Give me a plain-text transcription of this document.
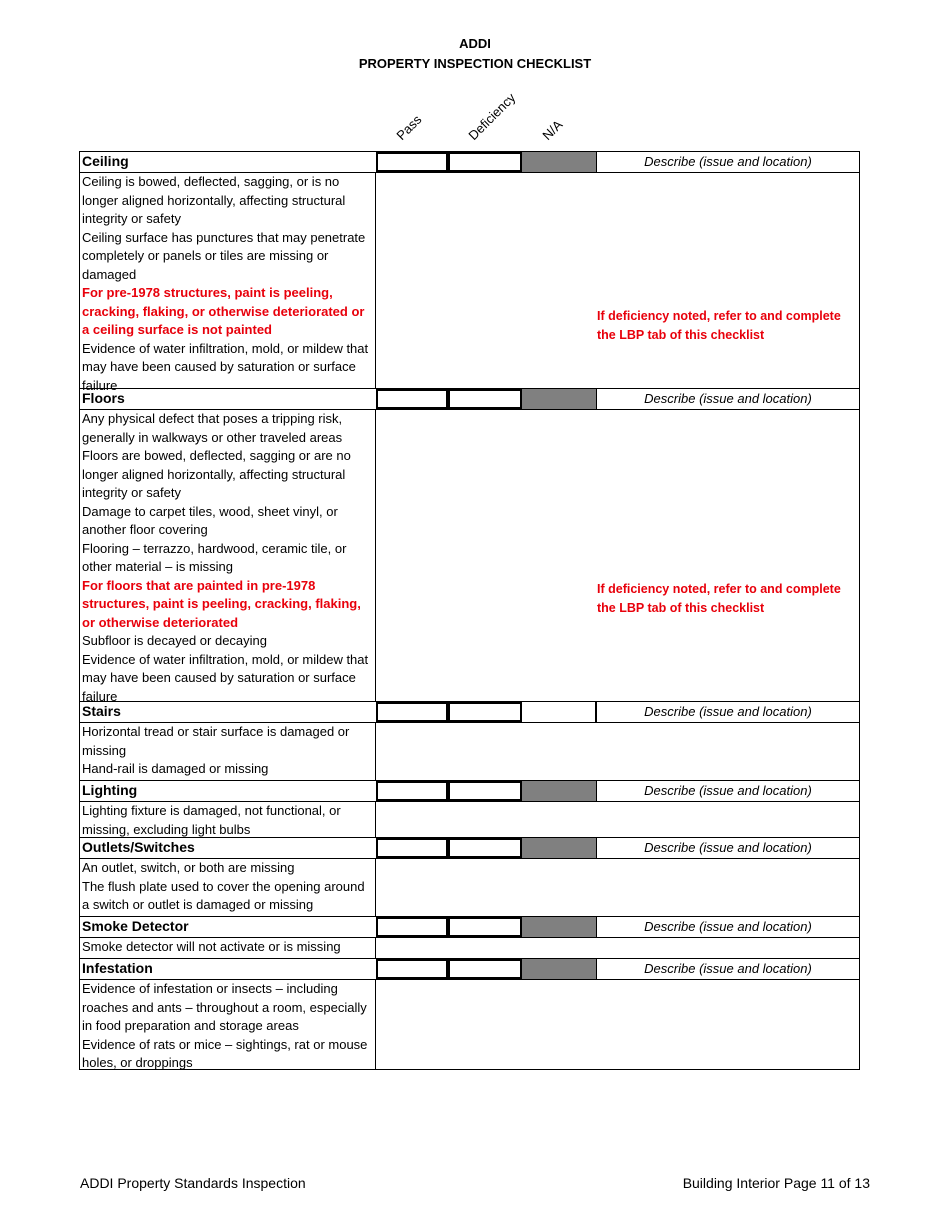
ADDI
PROPERTY INSPECTION CHECKLIST
Pass	Deficiency N/A
Ceiling	Describe (issue and location)
Ceiling is bowed, deflected, sagging, or is no longer aligned horizontally, affecting structural integrity or safety
Ceiling surface has punctures that may penetrate completely or panels or tiles are missing or damaged
For pre-1978 structures, paint is peeling, cracking, flaking, or otherwise deteriorated or a ceiling surface is not painted
Evidence of water infiltration, mold, or mildew that may have been caused by saturation or surface failure
If deficiency noted, refer to and complete the LBP tab of this checklist
Floors	Describe (issue and location)
Any physical defect that poses a tripping risk, generally in walkways or other traveled areas
Floors are bowed, deflected, sagging or are no longer aligned horizontally, affecting structural integrity or safety
Damage to carpet tiles, wood, sheet vinyl, or another floor covering
Flooring – terrazzo, hardwood, ceramic tile, or other material – is missing
For floors that are painted in pre-1978 structures, paint is peeling, cracking, flaking, or otherwise deteriorated
Subfloor is decayed or decaying
Evidence of water infiltration, mold, or mildew that may have been caused by saturation or surface failure
If deficiency noted, refer to and complete the LBP tab of this checklist
Stairs	Describe (issue and location)
Horizontal tread or stair surface is damaged or missing
Hand-rail is damaged or missing
Lighting	Describe (issue and location)
Lighting fixture is damaged, not functional, or missing, excluding light bulbs
Outlets/Switches	Describe (issue and location)
An outlet, switch, or both are missing
The flush plate used to cover the opening around a switch or outlet is damaged or missing
Smoke Detector	Describe (issue and location)
Smoke detector will not activate or is missing
Infestation	Describe (issue and location)
Evidence of infestation or insects – including roaches and ants – throughout a room, especially in food preparation and storage areas
Evidence of rats or mice – sightings, rat or mouse holes, or droppings
ADDI Property Standards Inspection	Building Interior Page 11 of 13
